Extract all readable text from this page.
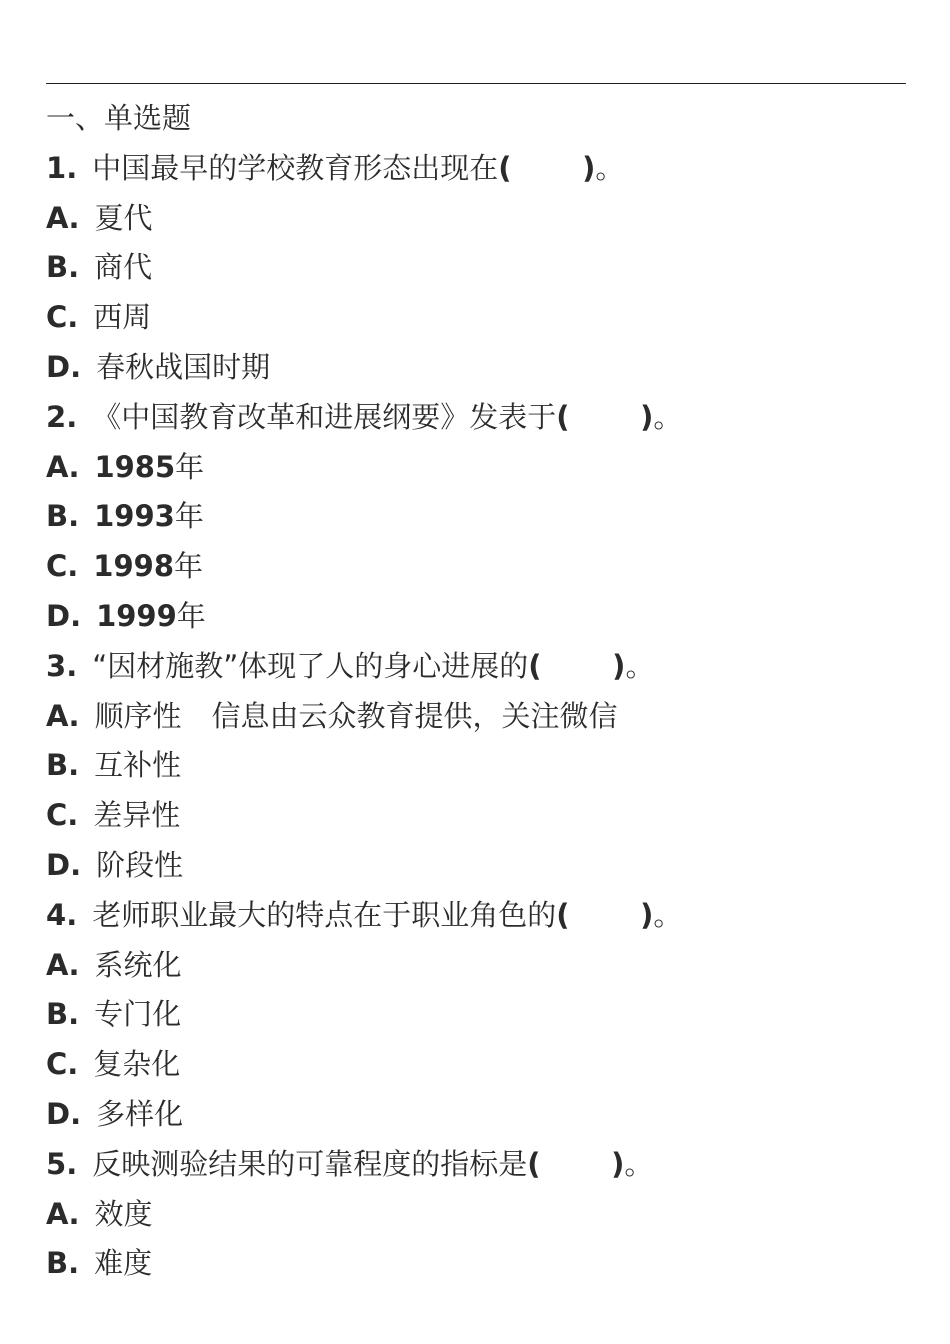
一、单选题
1. 中国最早的学校教育形态出现在(       )。
A. 夏代
B. 商代
C. 西周
D. 春秋战国时期
2. 《中国教育改革和进展纲要》发表于(       )。
A. 1985年
B. 1993年
C. 1998年
D. 1999年
3. “因材施教”体现了人的身心进展的(       )。
A. 顺序性 信息由云众教育提供，关注微信
B. 互补性
C. 差异性
D. 阶段性
4. 老师职业最大的特点在于职业角色的(       )。
A. 系统化
B. 专门化
C. 复杂化
D. 多样化
5. 反映测验结果的可靠程度的指标是(       )。
A. 效度
B. 难度
